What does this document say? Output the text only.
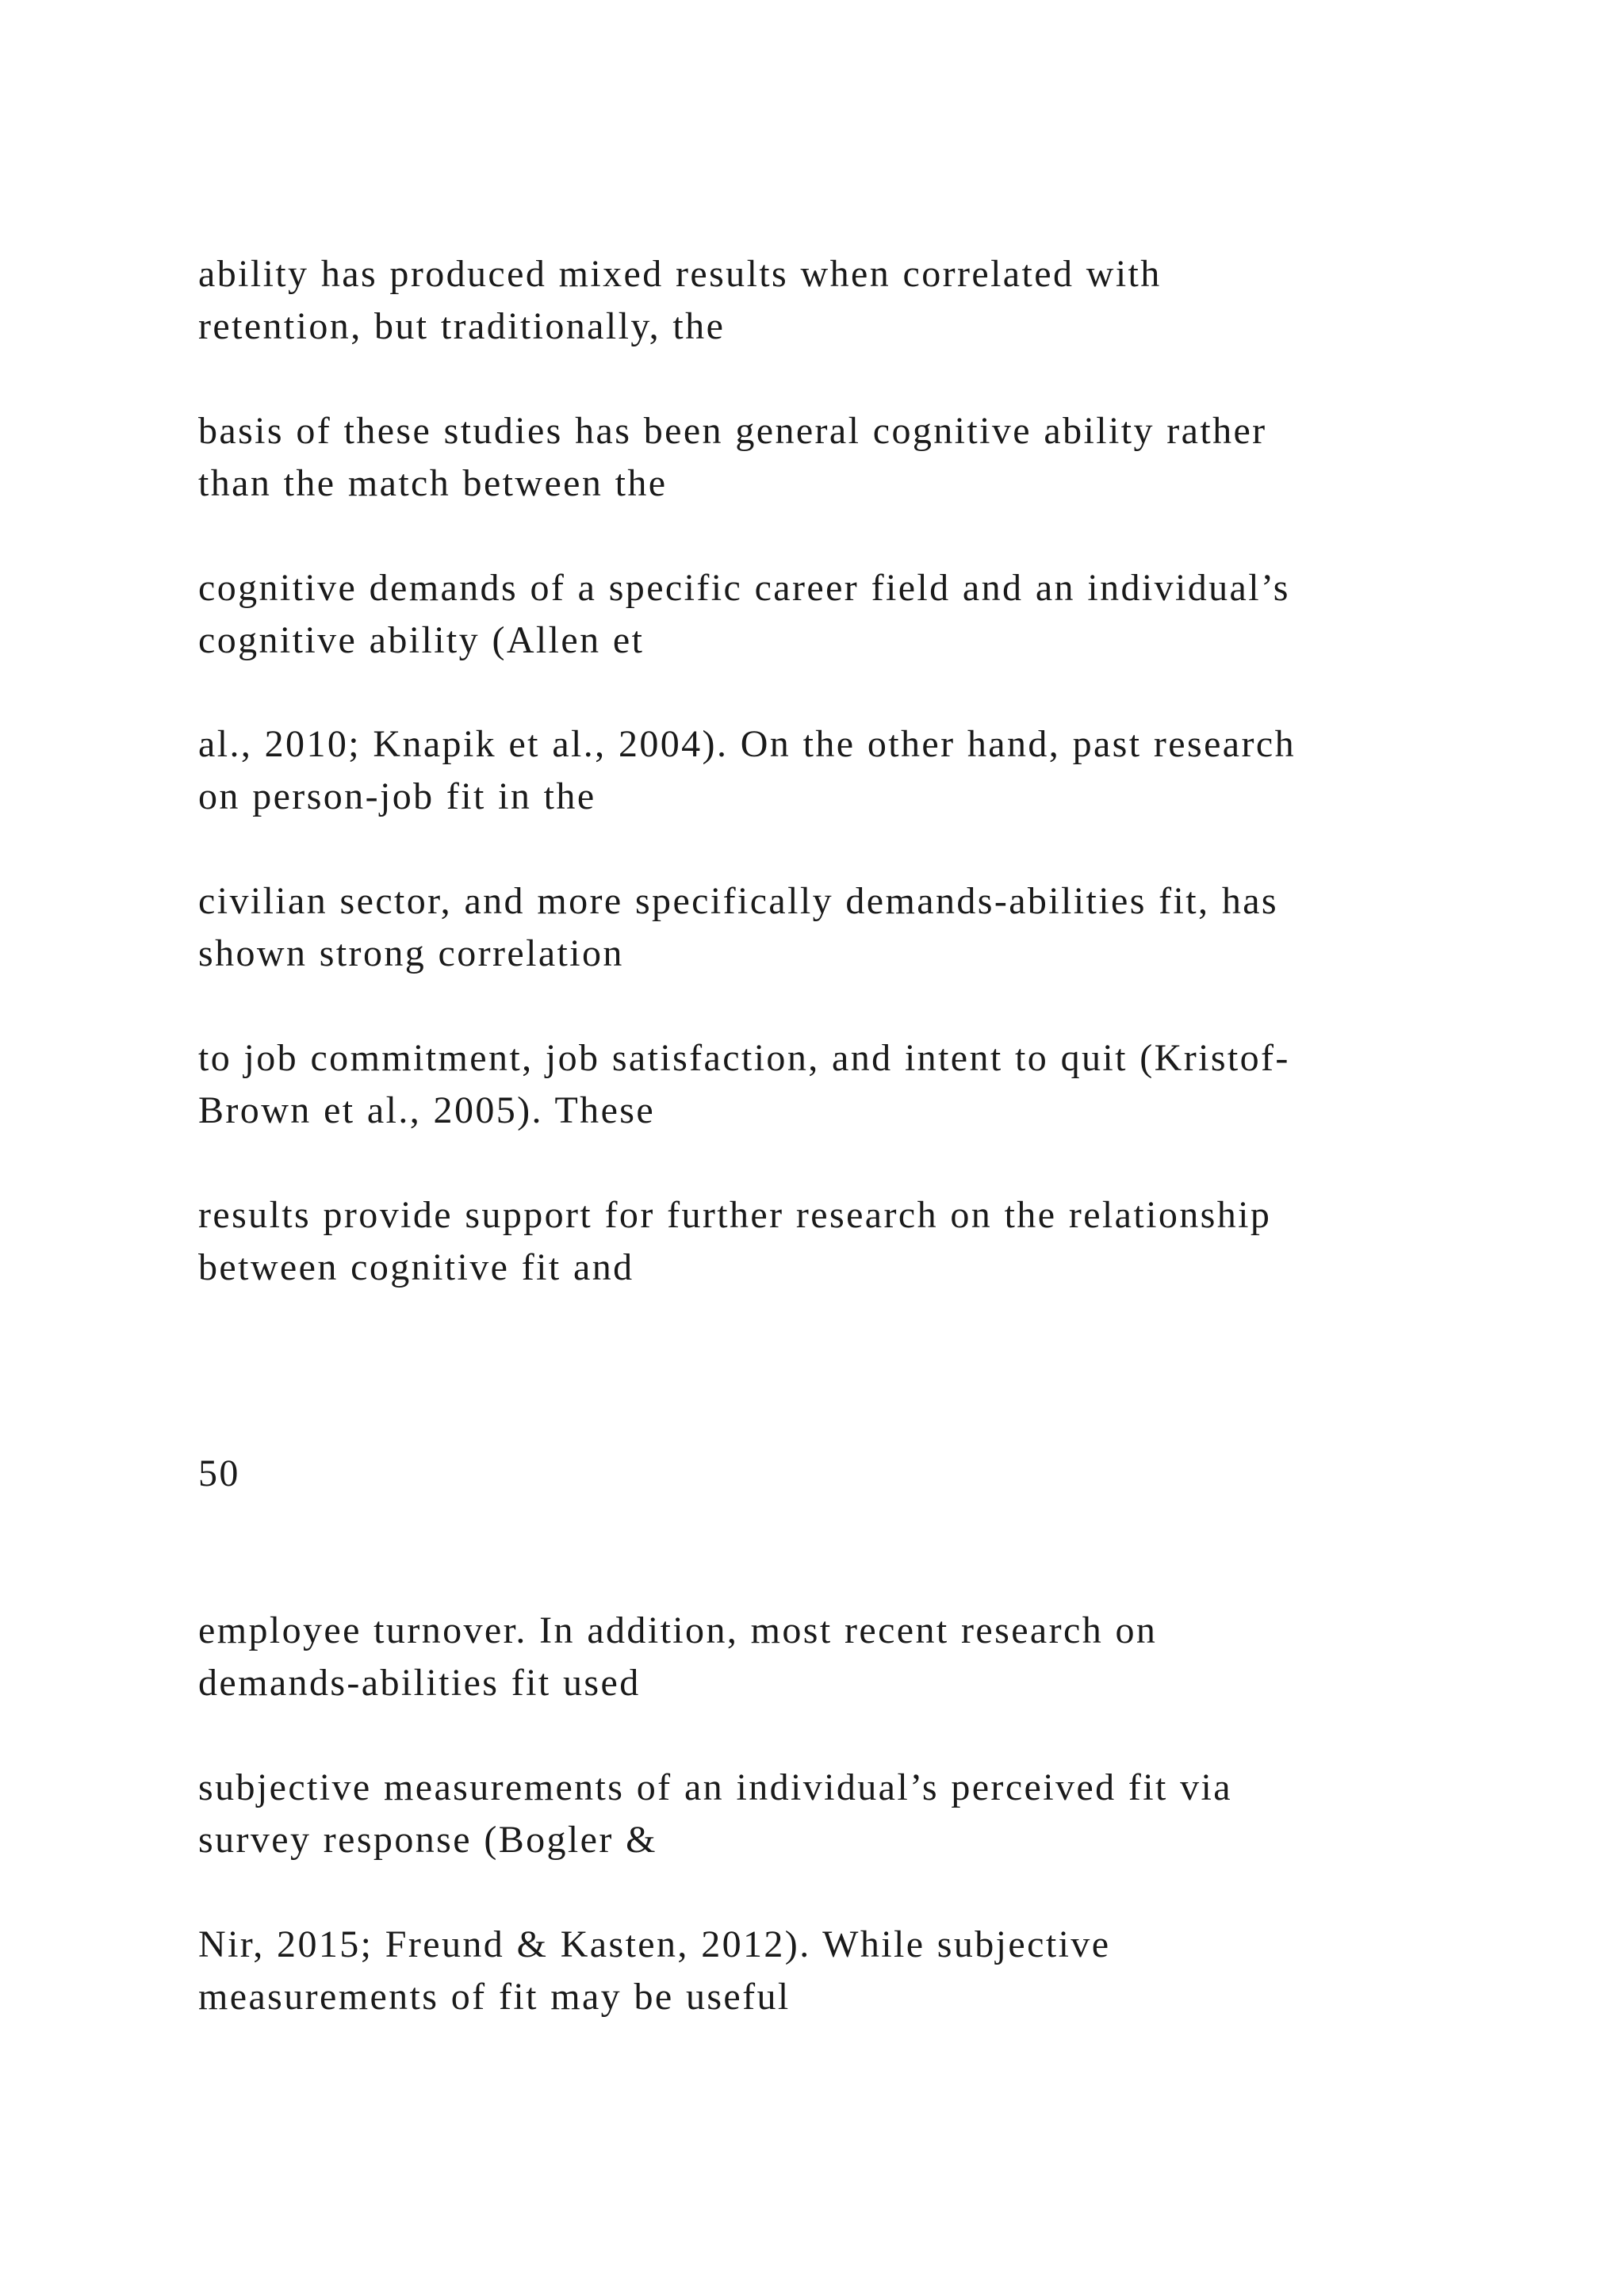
ability has produced mixed results when correlated with
retention, but traditionally, the

basis of these studies has been general cognitive ability rather
than the match between the

cognitive demands of a specific career field and an individual’s
cognitive ability (Allen et

al., 2010; Knapik et al., 2004). On the other hand, past research
on person-job fit in the

civilian sector, and more specifically demands-abilities fit, has
shown strong correlation

to job commitment, job satisfaction, and intent to quit (Kristof-
Brown et al., 2005). These

results provide support for further research on the relationship
between cognitive fit and

50

employee turnover. In addition, most recent research on
demands-abilities fit used

subjective measurements of an individual’s perceived fit via
survey response (Bogler &

Nir, 2015; Freund & Kasten, 2012). While subjective
measurements of fit may be useful
